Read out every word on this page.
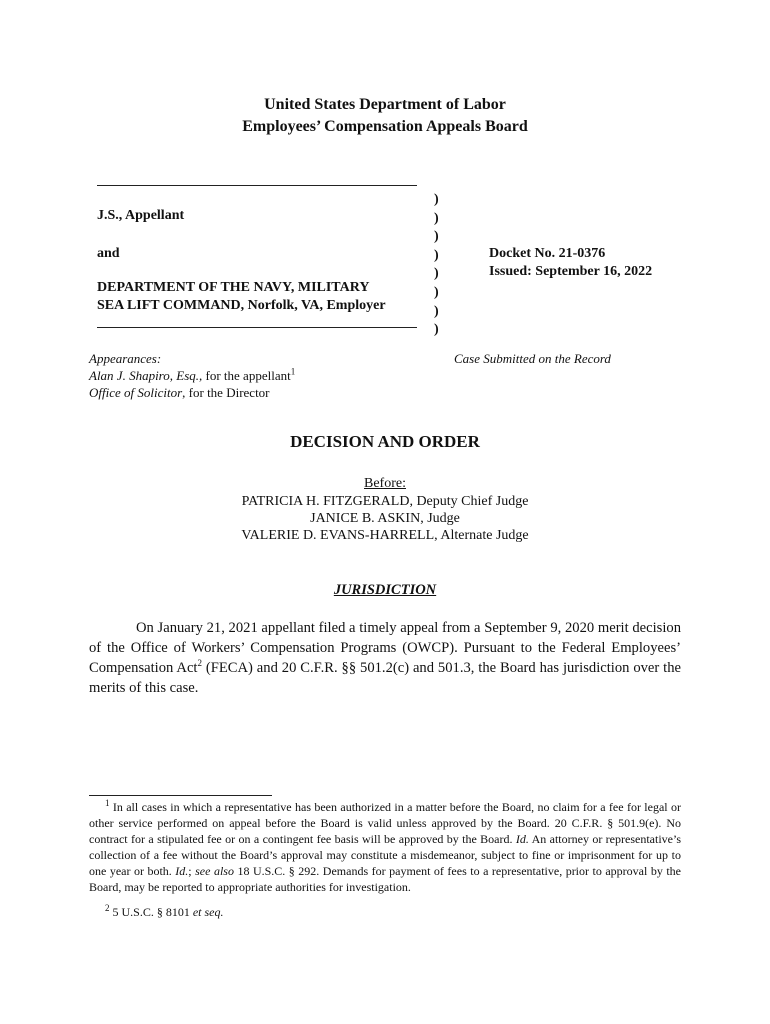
United States Department of Labor
Employees’ Compensation Appeals Board
J.S., Appellant
and
DEPARTMENT OF THE NAVY, MILITARY
SEA LIFT COMMAND, Norfolk, VA, Employer
)
)
)
)
)
)
)
)
Docket No. 21-0376
Issued: September 16, 2022
Appearances:
Alan J. Shapiro, Esq., for the appellant$^1$
Office of Solicitor, for the Director
Case Submitted on the Record
DECISION AND ORDER
Before:
PATRICIA H. FITZGERALD, Deputy Chief Judge
JANICE B. ASKIN, Judge
VALERIE D. EVANS-HARRELL, Alternate Judge
JURISDICTION
On January 21, 2021 appellant filed a timely appeal from a September 9, 2020 merit decision of the Office of Workers’ Compensation Programs (OWCP). Pursuant to the Federal Employees’ Compensation Act$^2$ (FECA) and 20 C.F.R. §§ 501.2(c) and 501.3, the Board has jurisdiction over the merits of this case.
$^1$ In all cases in which a representative has been authorized in a matter before the Board, no claim for a fee for legal or other service performed on appeal before the Board is valid unless approved by the Board. 20 C.F.R. § 501.9(e). No contract for a stipulated fee or on a contingent fee basis will be approved by the Board. Id. An attorney or representative’s collection of a fee without the Board’s approval may constitute a misdemeanor, subject to fine or imprisonment for up to one year or both. Id.; see also 18 U.S.C. § 292. Demands for payment of fees to a representative, prior to approval by the Board, may be reported to appropriate authorities for investigation.
$^2$ 5 U.S.C. § 8101 et seq.
